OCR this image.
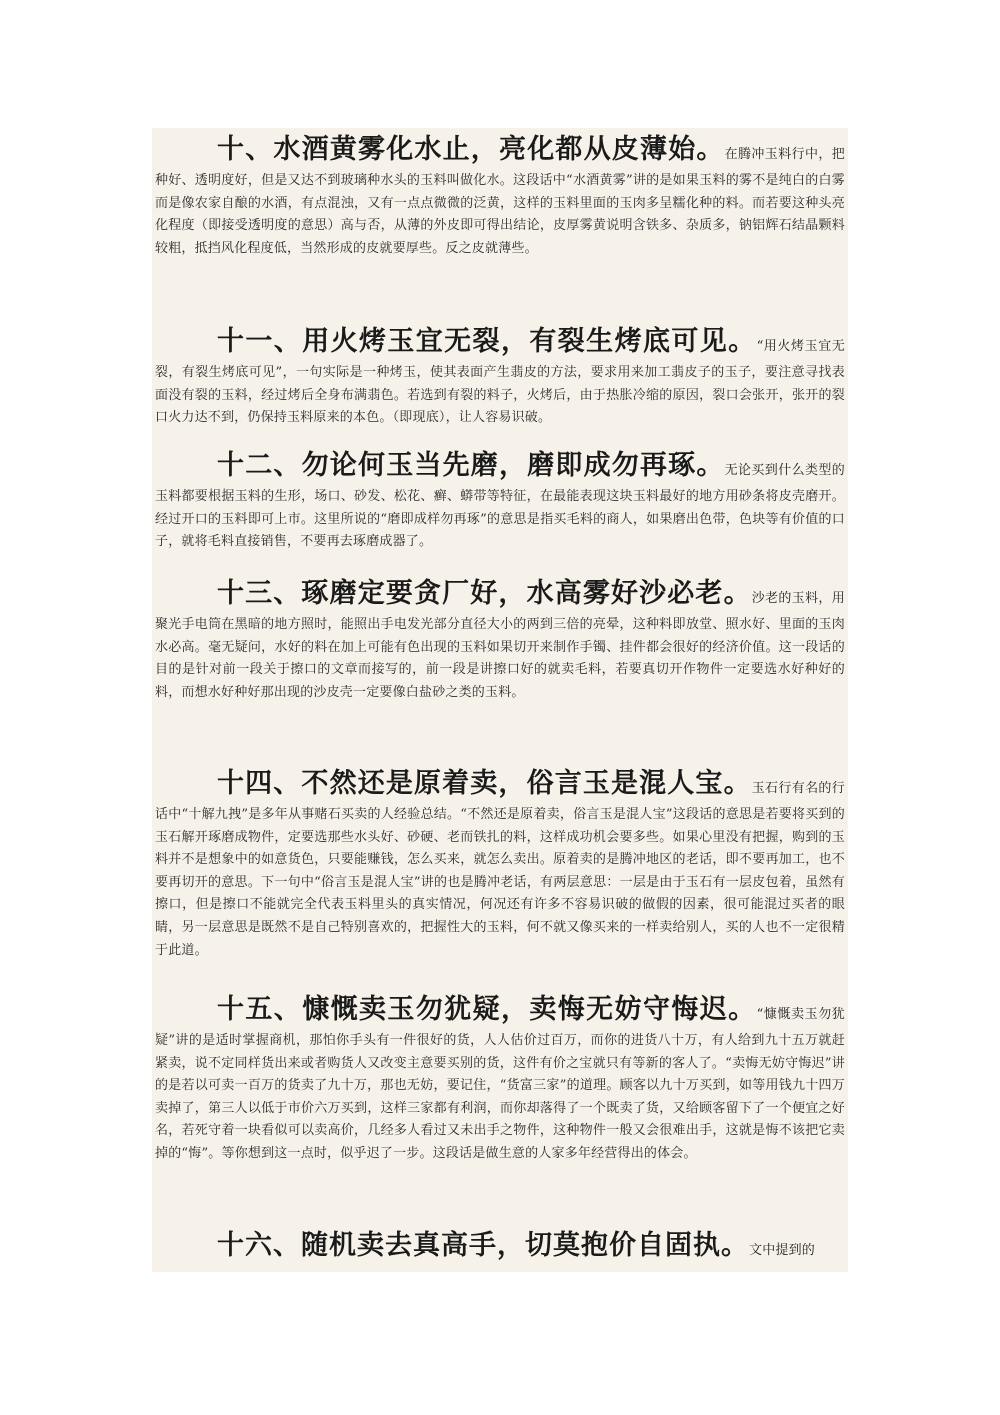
十、水酒黄雾化水止，亮化都从皮薄始。在腾冲玉料行中，把种好、透明度好，但是又达不到玻璃种水头的玉料叫做化水。这段话中“水酒黄雾”讲的是如果玉料的雾不是纯白的白雾而是像农家自酿的水酒，有点混浊，又有一点点微微的泛黄，这样的玉料里面的玉肉多呈糯化种的料。而若要这种头亮化程度（即接受透明度的意思）高与否，从薄的外皮即可得出结论，皮厚雾黄说明含铁多、杂质多，钠铝辉石结晶颗料较粗，抵挡风化程度低，当然形成的皮就要厚些。反之皮就薄些。
十一、用火烤玉宜无裂，有裂生烤底可见。“用火烤玉宜无裂，有裂生烤底可见”，一句实际是一种烤玉，使其表面产生翡皮的方法，要求用来加工翡皮子的玉子，要注意寻找表面没有裂的玉料，经过烤后全身布满翡色。若选到有裂的料子，火烤后，由于热胀冷缩的原因，裂口会张开，张开的裂口火力达不到，仍保持玉料原来的本色。（即现底），让人容易识破。
十二、勿论何玉当先磨，磨即成勿再琢。无论买到什么类型的玉料都要根据玉料的生形，场口、砂发、松花、癣、蟒带等特征，在最能表现这块玉料最好的地方用砂条将皮壳磨开。经过开口的玉料即可上市。这里所说的“磨即成样勿再琢”的意思是指买毛料的商人，如果磨出色带，色块等有价值的口子，就将毛料直接销售，不要再去琢磨成器了。
十三、琢磨定要贪厂好，水高雾好沙必老。沙老的玉料，用聚光手电筒在黑暗的地方照时，能照出手电发光部分直径大小的两到三倍的亮晕，这种料即放堂、照水好、里面的玉肉水必高。毫无疑问，水好的料在加上可能有色出现的玉料如果切开来制作手镯、挂件都会很好的经济价值。这一段话的目的是针对前一段关于擦口的文章而接写的，前一段是讲擦口好的就卖毛料，若要真切开作物件一定要选水好种好的料，而想水好种好那出现的沙皮壳一定要像白盐砂之类的玉料。
十四、不然还是原着卖，俗言玉是混人宝。玉石行有名的行话中“十解九拽”是多年从事赌石买卖的人经验总结。“不然还是原着卖，俗言玉是混人宝”这段话的意思是若要将买到的玉石解开琢磨成物件，定要选那些水头好、砂硬、老而铁扎的料，这样成功机会要多些。如果心里没有把握，购到的玉料并不是想象中的如意货色，只要能赚钱，怎么买来，就怎么卖出。原着卖的是腾冲地区的老话，即不要再加工，也不要再切开的意思。下一句中“俗言玉是混人宝”讲的也是腾冲老话，有两层意思：一层是由于玉石有一层皮包着，虽然有擦口，但是擦口不能就完全代表玉料里头的真实情况，何况还有许多不容易识破的做假的因素，很可能混过买者的眼睛，另一层意思是既然不是自己特别喜欢的，把握性大的玉料，何不就又像买来的一样卖给别人，买的人也不一定很精于此道。
十五、慷慨卖玉勿犹疑，卖悔无妨守悔迟。“慷慨卖玉勿犹疑”讲的是适时掌握商机，那怕你手头有一件很好的货，人人估价过百万，而你的进货八十万，有人给到九十五万就赶紧卖，说不定同样货出来或者购货人又改变主意要买别的货，这件有价之宝就只有等新的客人了。“卖悔无妨守悔迟”讲的是若以可卖一百万的货卖了九十万，那也无妨，要记住，“货富三家”的道理。顾客以九十万买到，如等用钱九十四万卖掉了，第三人以低于市价六万买到，这样三家都有利润，而你却落得了一个既卖了货，又给顾客留下了一个便宜之好名，若死守着一块看似可以卖高价，几经多人看过又未出手之物件，这种物件一般又会很难出手，这就是悔不该把它卖掉的“悔”。等你想到这一点时，似乎迟了一步。这段话是做生意的人家多年经营得出的体会。
十六、随机卖去真高手，切莫抱价自固执。文中提到的
